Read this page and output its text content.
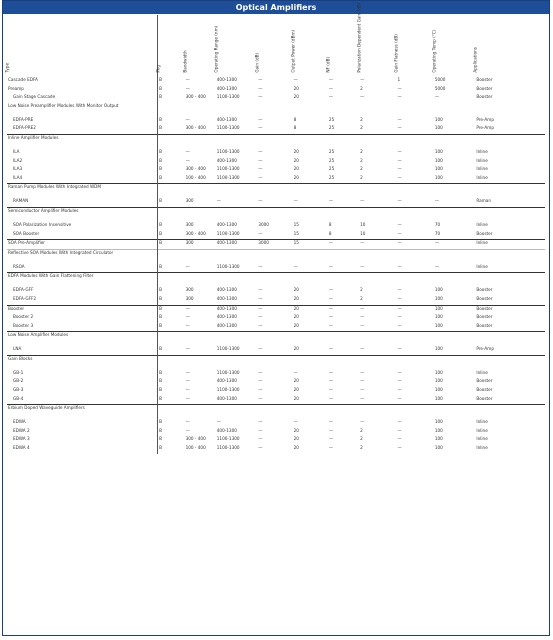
Optical Amplifiers
Type	Pkg	Bandwidth	Operating Range (nm)	Gain (dB)	Output Power (dBm)	NF (dB)	Polarization Dependent Gain (dB)	Gain Flatness (dB)	Operating Temp (°C)	Applications

Cascade EDFA	B	—	400-1300	—	—	—	—	1	5000	Booster
Preamp	B	—	400-1300	—	20	—	2	—	5000	Booster
Gain Stage Cascade	B	300 - 400	1100-1300	—	20	—	—	—	—	Booster
Low Noise Preamplifier Modules With Monitor Output										
EDFA-PRE	B	—	400-1300	—	8	25	2	—	100	Pre-Amp
EDFA-PRE2	B	300 - 400	1100-1300	—	8	25	2	—	100	Pre-Amp
Inline Amplifier Modules										
ILA	B	—	1100-1300	—	20	25	2	—	100	Inline
ILA2	B	—	400-1300	—	20	25	2	—	100	Inline
ILA3	B	300 - 400	1100-1300	—	20	25	2	—	100	Inline
ILA4	B	100 - 400	1100-1300	—	20	25	2	—	100	Inline
Raman Pump Modules With Integrated WDM										
RAMAN	B	300	—	—	—	—	—	—	—	Raman
Semiconductor Amplifier Modules										
SOA Polarization Insensitive	B	300	400-1300	3000	15	8	10	—	70	Inline
SOA Booster	B	300 - 400	1100-1300	—	15	8	10	—	70	Booster
SOA Pre-Amplifier	B	300	400-1300	3000	15	—	—	—	—	Inline
Reflective SOA Modules With Integrated Circulator										
RSOA	B	—	1100-1300	—	—	—	—	—	—	Inline
EDFA Modules With Gain Flattening Filter										
EDFA-GFF	B	300	400-1300	—	20	—	2	—	100	Booster
EDFA-GFF2	B	300	400-1300	—	20	—	2	—	100	Booster
Booster	B	—	400-1300	—	20	—	—	—	100	Booster
Booster 2	B	—	400-1300	—	20	—	—	—	100	Booster
Booster 3	B	—	400-1300	—	20	—	—	—	100	Booster
Low Noise Amplifier Modules										
LNA	B	—	1100-1300	—	20	—	—	—	100	Pre-Amp
Gain Blocks										
GB-1	B	—	1100-1300	—	—	—	—	—	100	Inline
GB-2	B	—	400-1300	—	20	—	—	—	100	Booster
GB-3	B	—	1100-1300	—	20	—	—	—	100	Booster
GB-4	B	—	400-1300	—	20	—	—	—	100	Booster
Erbium Doped Waveguide Amplifiers										
EDWA	B	—	—	—	—	—	—	—	100	Inline
EDWA 2	B	—	400-1300	—	20	—	2	—	100	Inline
EDWA 3	B	300 - 400	1100-1300	—	20	—	2	—	100	Inline
EDWA 4	B	100 - 400	1100-1300	—	20	—	2	—	100	Inline
